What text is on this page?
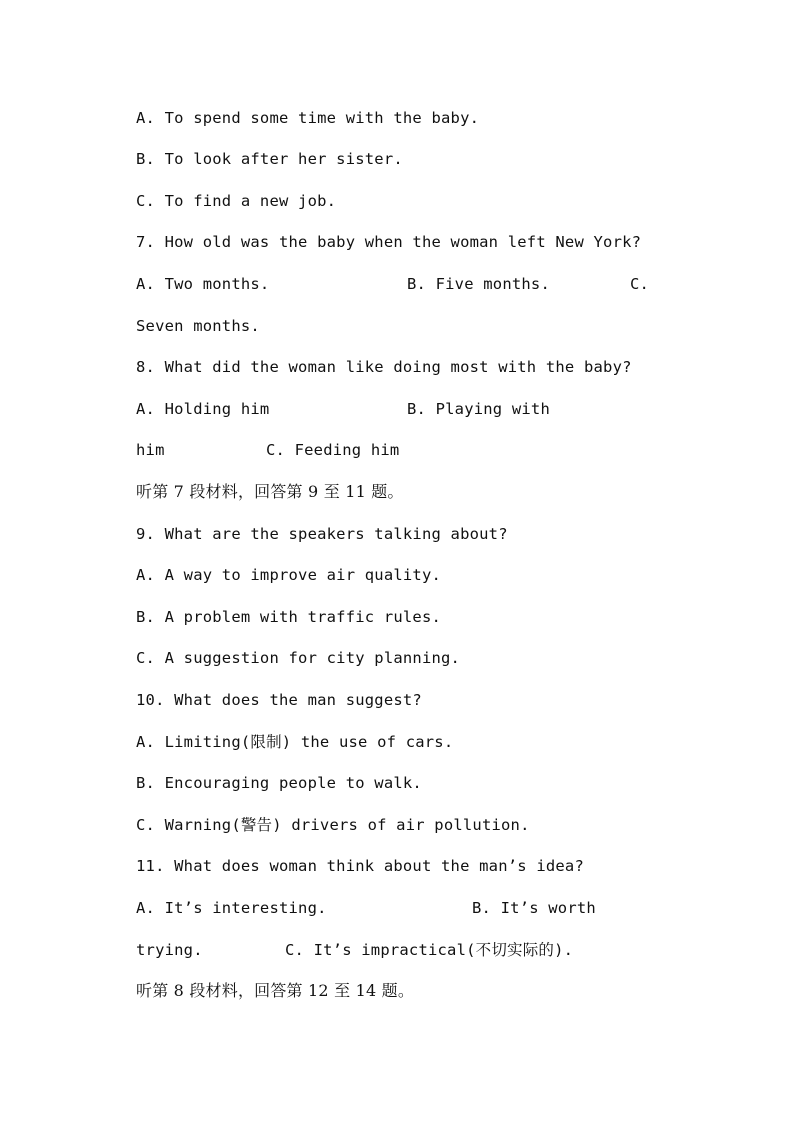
A. To spend some time with the baby.
B. To look after her sister.
C. To find a new job.
7. How old was the baby when the woman left New York?
A. Two months.	B. Five months.	C.
Seven months.
8. What did the woman like doing most with the baby?
A. Holding him	B. Playing with
him	C. Feeding him
听第 7 段材料，回答第 9 至 11 题。
9. What are the speakers talking about?
A. A way to improve air quality.
B. A problem with traffic rules.
C. A suggestion for city planning.
10. What does the man suggest?
A. Limiting(限制) the use of cars.
B. Encouraging people to walk.
C. Warning(警告) drivers of air pollution.
11. What does woman think about the man’s idea?
A. It’s interesting.	B. It’s worth
trying.	C. It’s impractical(不切实际的).
听第 8 段材料，回答第 12 至 14 题。
